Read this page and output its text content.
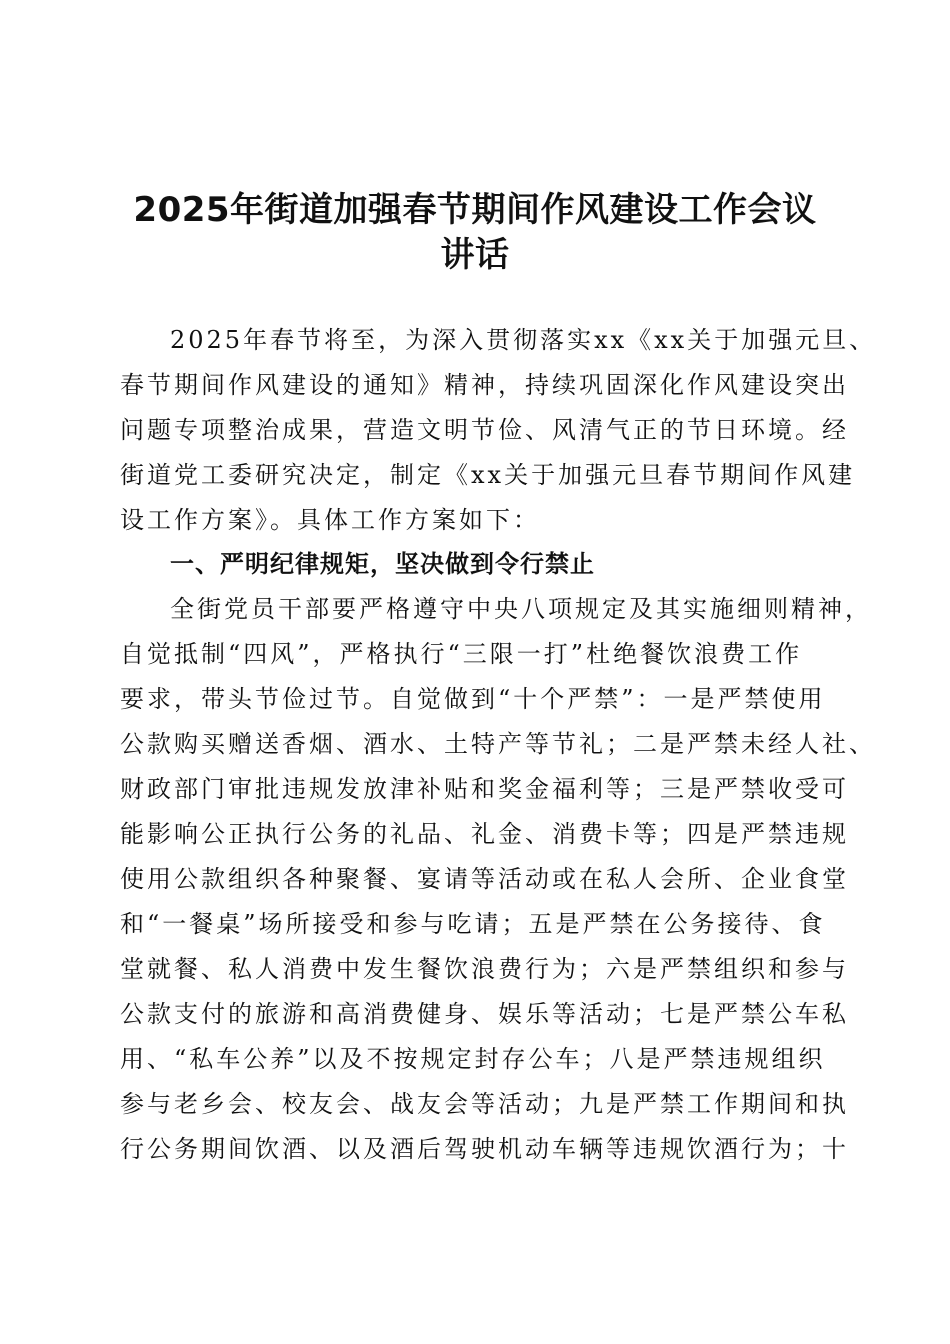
2025年街道加强春节期间作风建设工作会议
讲话

2025年春节将至，为深入贯彻落实xx《xx关于加强元旦、

春节期间作风建设的通知》精神，持续巩固深化作风建设突出

问题专项整治成果，营造文明节俭、风清气正的节日环境。经

街道党工委研究决定，制定《xx关于加强元旦春节期间作风建

设工作方案》。具体工作方案如下：

一、严明纪律规矩，坚决做到令行禁止

全街党员干部要严格遵守中央八项规定及其实施细则精神，

自觉抵制“四风”，严格执行“三限一打”杜绝餐饮浪费工作

要求，带头节俭过节。自觉做到“十个严禁”：一是严禁使用

公款购买赠送香烟、酒水、土特产等节礼；二是严禁未经人社、

财政部门审批违规发放津补贴和奖金福利等；三是严禁收受可

能影响公正执行公务的礼品、礼金、消费卡等；四是严禁违规

使用公款组织各种聚餐、宴请等活动或在私人会所、企业食堂

和“一餐桌”场所接受和参与吃请；五是严禁在公务接待、食

堂就餐、私人消费中发生餐饮浪费行为；六是严禁组织和参与

公款支付的旅游和高消费健身、娱乐等活动；七是严禁公车私

用、“私车公养”以及不按规定封存公车；八是严禁违规组织

参与老乡会、校友会、战友会等活动；九是严禁工作期间和执

行公务期间饮酒、以及酒后驾驶机动车辆等违规饮酒行为；十
